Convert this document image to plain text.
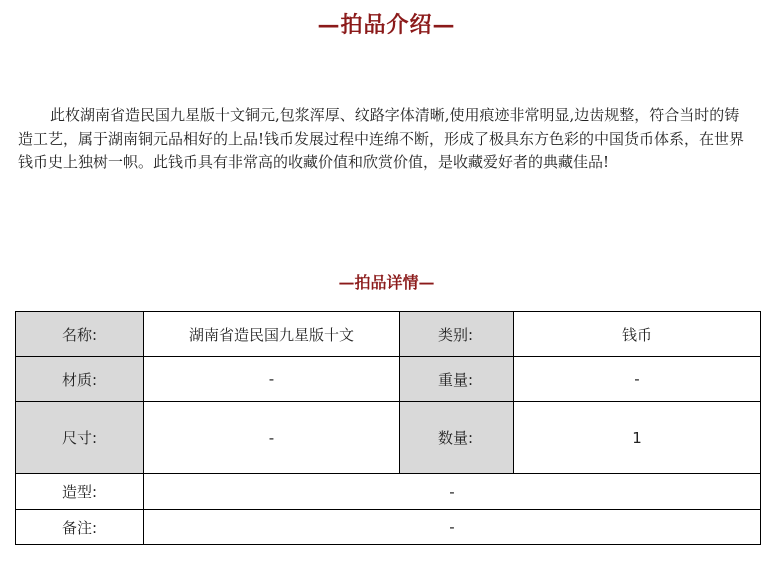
—拍品介绍—

此枚湖南省造民国九星版十文铜元,包浆浑厚、纹路字体清晰,使用痕迹非常明显,边齿规整，符合当时的铸造工艺，属于湖南铜元品相好的上品!钱币发展过程中连绵不断，形成了极具东方色彩的中国货币体系，在世界钱币史上独树一帜。此钱币具有非常高的收藏价值和欣赏价值，是收藏爱好者的典藏佳品!

—拍品详情—
名称:	湖南省造民国九星版十文	类别:	钱币
材质:	-	重量:	-
尺寸:	-	数量:	1
造型:	-		
备注:	-		
